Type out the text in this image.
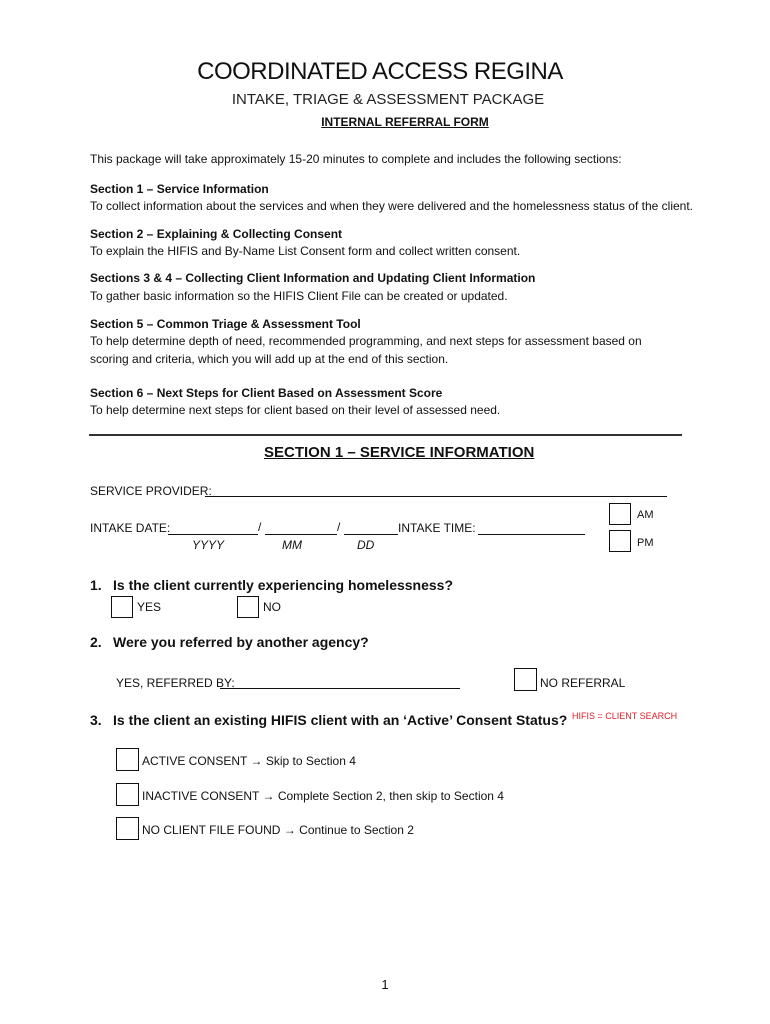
COORDINATED ACCESS REGINA
INTAKE, TRIAGE & ASSESSMENT PACKAGE
INTERNAL REFERRAL FORM
This package will take approximately 15-20 minutes to complete and includes the following sections:
Section 1 – Service Information
To collect information about the services and when they were delivered and the homelessness status of the client.
Section 2 – Explaining & Collecting Consent
To explain the HIFIS and By-Name List Consent form and collect written consent.
Sections 3 & 4 – Collecting Client Information and Updating Client Information
To gather basic information so the HIFIS Client File can be created or updated.
Section 5 – Common Triage & Assessment Tool
To help determine depth of need, recommended programming, and next steps for assessment based on
scoring and criteria, which you will add up at the end of this section.
Section 6 – Next Steps for Client Based on Assessment Score
To help determine next steps for client based on their level of assessed need.
SECTION 1 – SERVICE INFORMATION
SERVICE PROVIDER:
INTAKE DATE:	/	/	INTAKE TIME:
YYYY	MM	DD
AM
PM
1. Is the client currently experiencing homelessness?
YES	NO
2. Were you referred by another agency?
YES, REFERRED BY:	NO REFERRAL
3. Is the client an existing HIFIS client with an ‘Active’ Consent Status? HIFIS = CLIENT SEARCH
ACTIVE CONSENT → Skip to Section 4
INACTIVE CONSENT → Complete Section 2, then skip to Section 4
NO CLIENT FILE FOUND → Continue to Section 2
1
